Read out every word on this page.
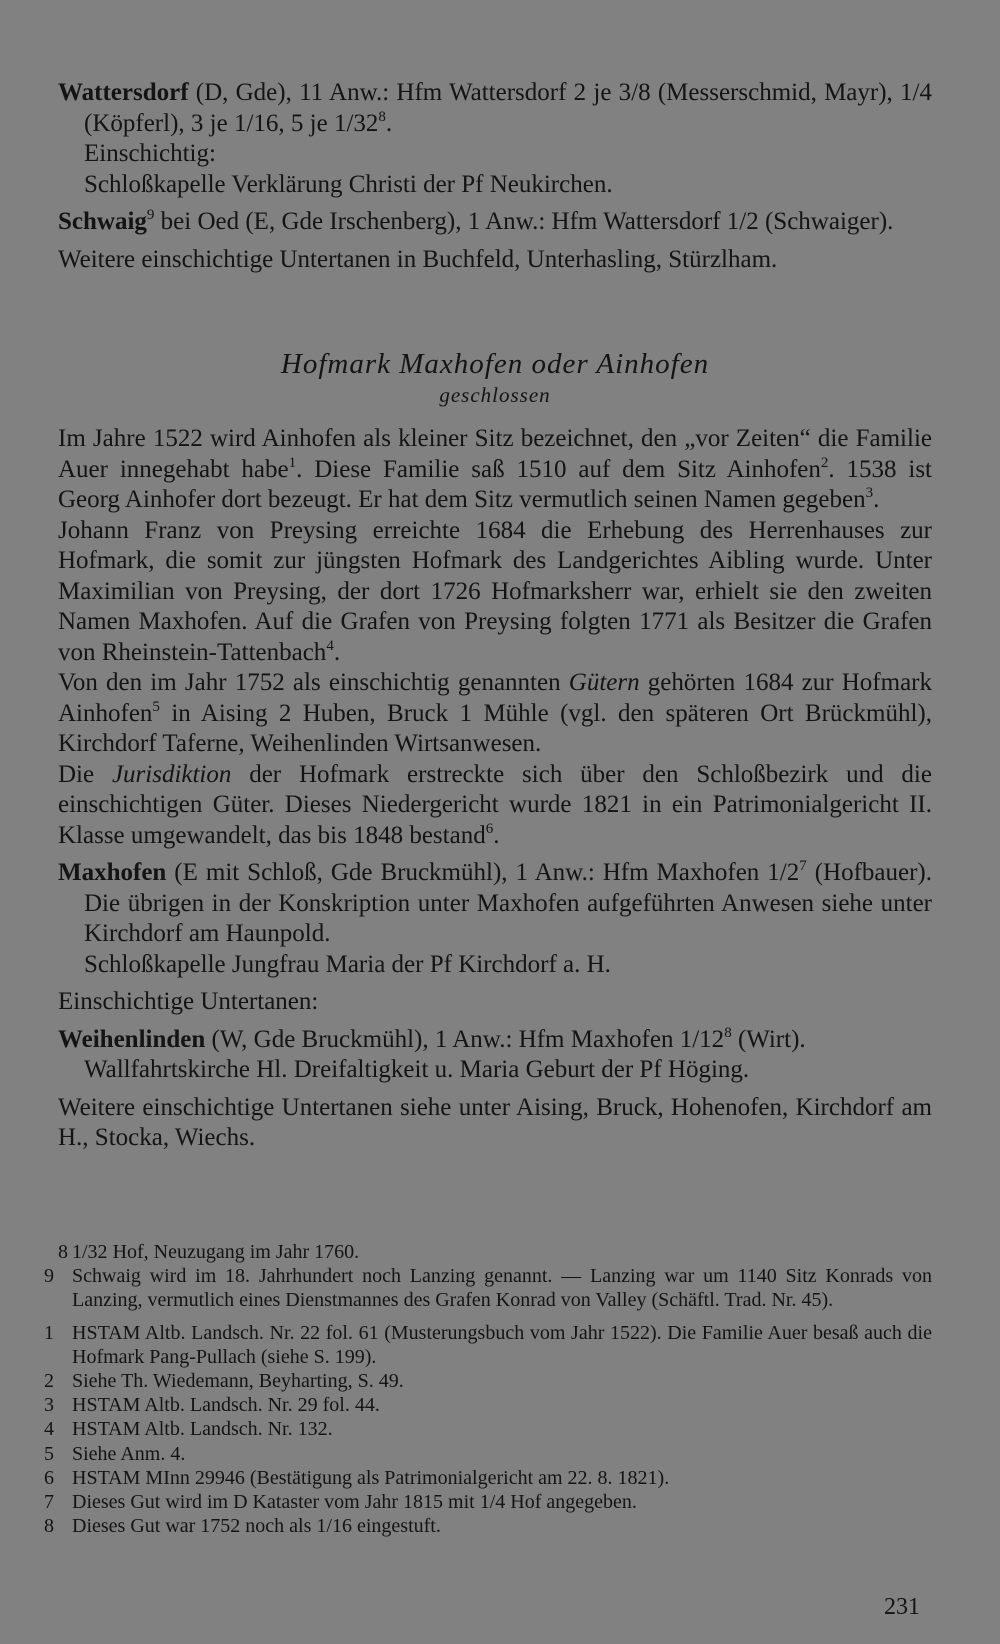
Wattersdorf (D, Gde), 11 Anw.: Hfm Wattersdorf 2 je 3/8 (Messerschmid, Mayr), 1/4 (Köpferl), 3 je 1/16, 5 je $1/32^8$.

Einschichtig:

Schloßkapelle Verklärung Christi der Pf Neukirchen.

Schwaig$^9$ bei Oed (E, Gde Irschenberg), 1 Anw.: Hfm Wattersdorf 1/2 (Schwaiger).

Weitere einschichtige Untertanen in Buchfeld, Unterhasling, Stürzlham.

Hofmark Maxhofen oder Ainhofen

geschlossen

Im Jahre 1522 wird Ainhofen als kleiner Sitz bezeichnet, den „vor Zeiten“ die Familie Auer innegehabt habe$^1$. Diese Familie saß 1510 auf dem Sitz Ainhofen$^2$. 1538 ist Georg Ainhofer dort bezeugt. Er hat dem Sitz vermutlich seinen Namen gegeben$^3$.

Johann Franz von Preysing erreichte 1684 die Erhebung des Herrenhauses zur Hofmark, die somit zur jüngsten Hofmark des Landgerichtes Aibling wurde. Unter Maximilian von Preysing, der dort 1726 Hofmarksherr war, erhielt sie den zweiten Namen Maxhofen. Auf die Grafen von Preysing folgten 1771 als Besitzer die Grafen von Rheinstein-Tattenbach$^4$.

Von den im Jahr 1752 als einschichtig genannten Gütern gehörten 1684 zur Hofmark Ainhofen$^5$ in Aising 2 Huben, Bruck 1 Mühle (vgl. den späteren Ort Brückmühl), Kirchdorf Taferne, Weihenlinden Wirtsanwesen.

Die Jurisdiktion der Hofmark erstreckte sich über den Schloßbezirk und die einschichtigen Güter. Dieses Niedergericht wurde 1821 in ein Patrimonialgericht II. Klasse umgewandelt, das bis 1848 bestand$^6$.

Maxhofen (E mit Schloß, Gde Bruckmühl), 1 Anw.: Hfm Maxhofen $1/2^7$ (Hofbauer). Die übrigen in der Konskription unter Maxhofen aufgeführten Anwesen siehe unter Kirchdorf am Haunpold.

Schloßkapelle Jungfrau Maria der Pf Kirchdorf a. H.

Einschichtige Untertanen:

Weihenlinden (W, Gde Bruckmühl), 1 Anw.: Hfm Maxhofen $1/12^8$ (Wirt).

Wallfahrtskirche Hl. Dreifaltigkeit u. Maria Geburt der Pf Höging.

Weitere einschichtige Untertanen siehe unter Aising, Bruck, Hohenofen, Kirchdorf am H., Stocka, Wiechs.

8 1/32 Hof, Neuzugang im Jahr 1760.

9 Schwaig wird im 18. Jahrhundert noch Lanzing genannt. — Lanzing war um 1140 Sitz Konrads von Lanzing, vermutlich eines Dienstmannes des Grafen Konrad von Valley (Schäftl. Trad. Nr. 45).

1 HSTAM Altb. Landsch. Nr. 22 fol. 61 (Musterungsbuch vom Jahr 1522). Die Familie Auer besaß auch die Hofmark Pang-Pullach (siehe S. 199).

2 Siehe Th. Wiedemann, Beyharting, S. 49.

3 HSTAM Altb. Landsch. Nr. 29 fol. 44.

4 HSTAM Altb. Landsch. Nr. 132.

5 Siehe Anm. 4.

6 HSTAM MInn 29946 (Bestätigung als Patrimonialgericht am 22. 8. 1821).

7 Dieses Gut wird im D Kataster vom Jahr 1815 mit 1/4 Hof angegeben.

8 Dieses Gut war 1752 noch als 1/16 eingestuft.

231
